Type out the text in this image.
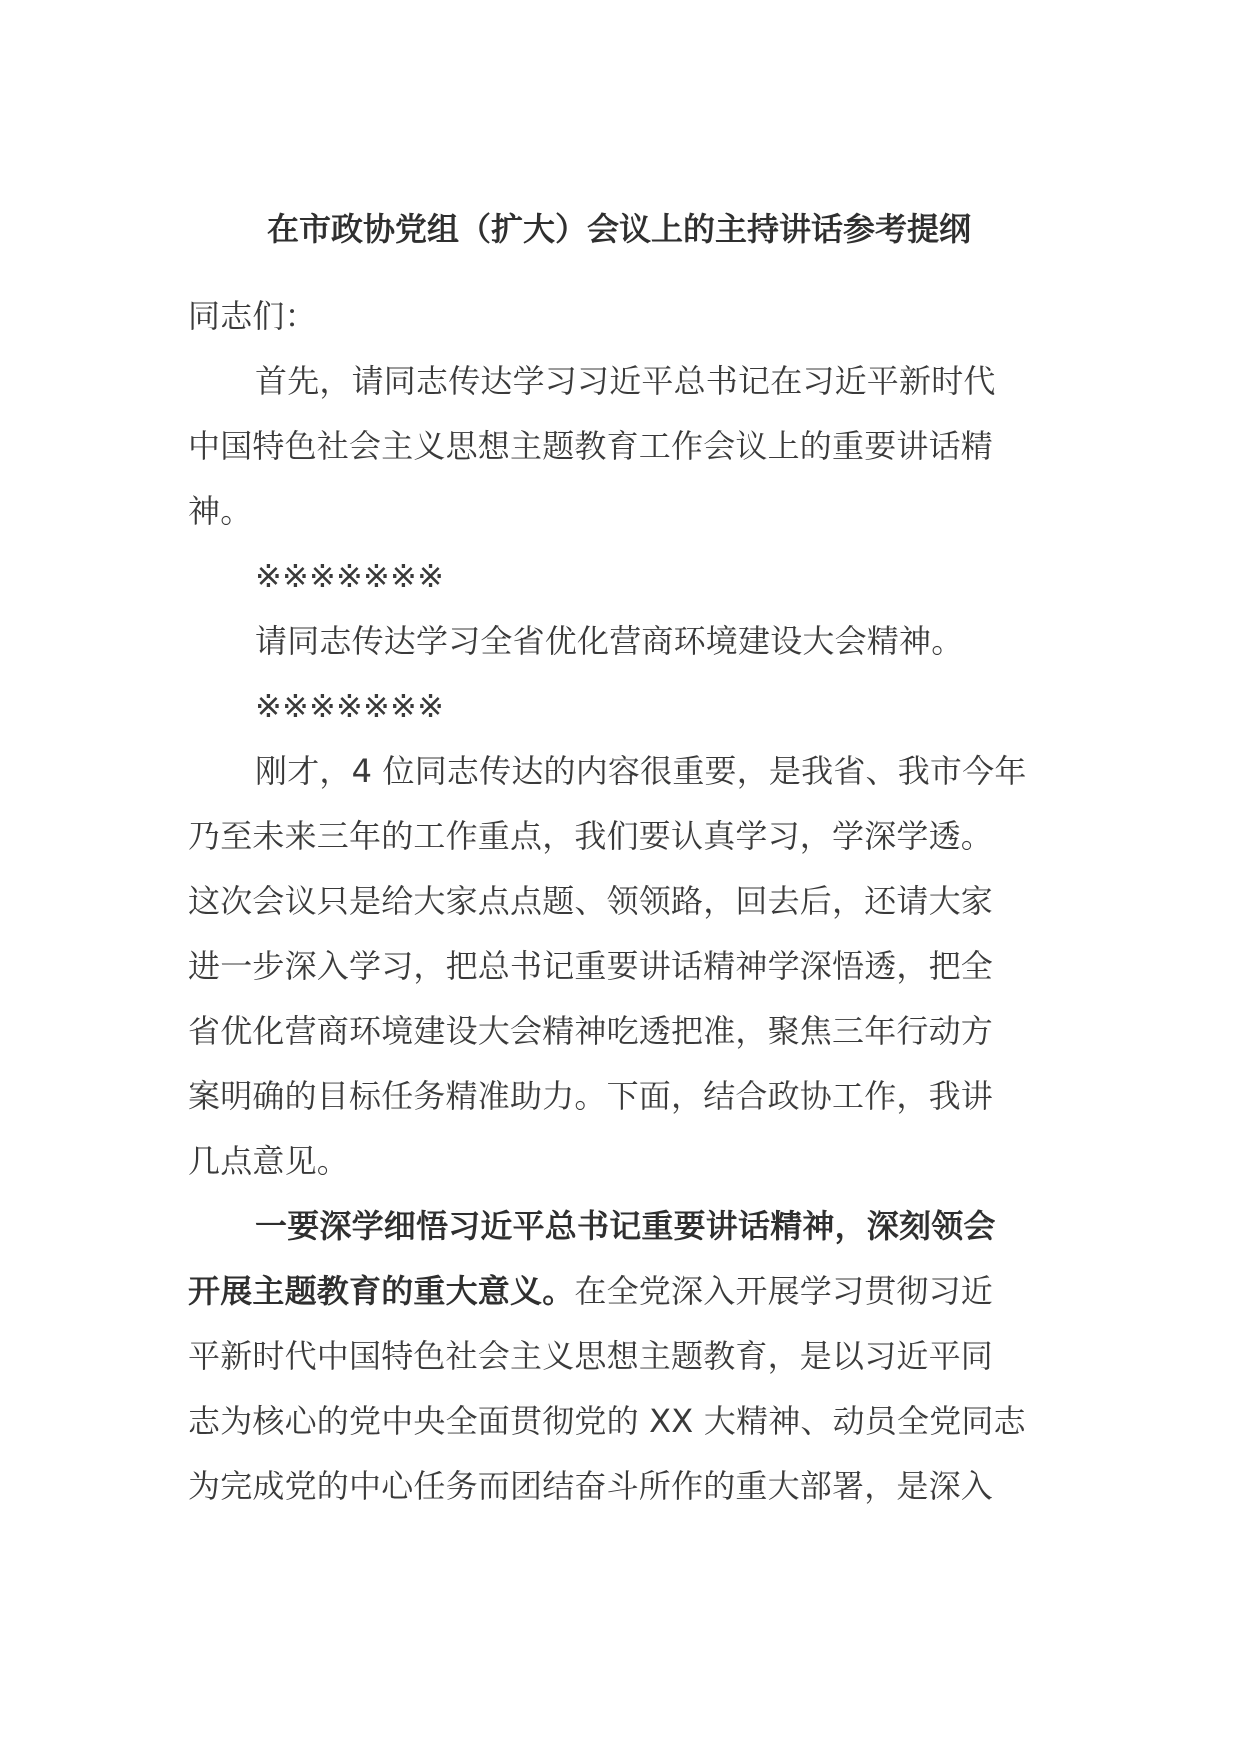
在市政协党组（扩大）会议上的主持讲话参考提纲

同志们：

首先，请同志传达学习习近平总书记在习近平新时代

中国特色社会主义思想主题教育工作会议上的重要讲话精

神。

※※※※※※※

请同志传达学习全省优化营商环境建设大会精神。

※※※※※※※

刚才，4 位同志传达的内容很重要，是我省、我市今年

乃至未来三年的工作重点，我们要认真学习，学深学透。

这次会议只是给大家点点题、领领路，回去后，还请大家

进一步深入学习，把总书记重要讲话精神学深悟透，把全

省优化营商环境建设大会精神吃透把准，聚焦三年行动方

案明确的目标任务精准助力。下面，结合政协工作，我讲

几点意见。

一要深学细悟习近平总书记重要讲话精神，深刻领会

开展主题教育的重大意义。在全党深入开展学习贯彻习近

平新时代中国特色社会主义思想主题教育，是以习近平同

志为核心的党中央全面贯彻党的 XX 大精神、动员全党同志

为完成党的中心任务而团结奋斗所作的重大部署，是深入
